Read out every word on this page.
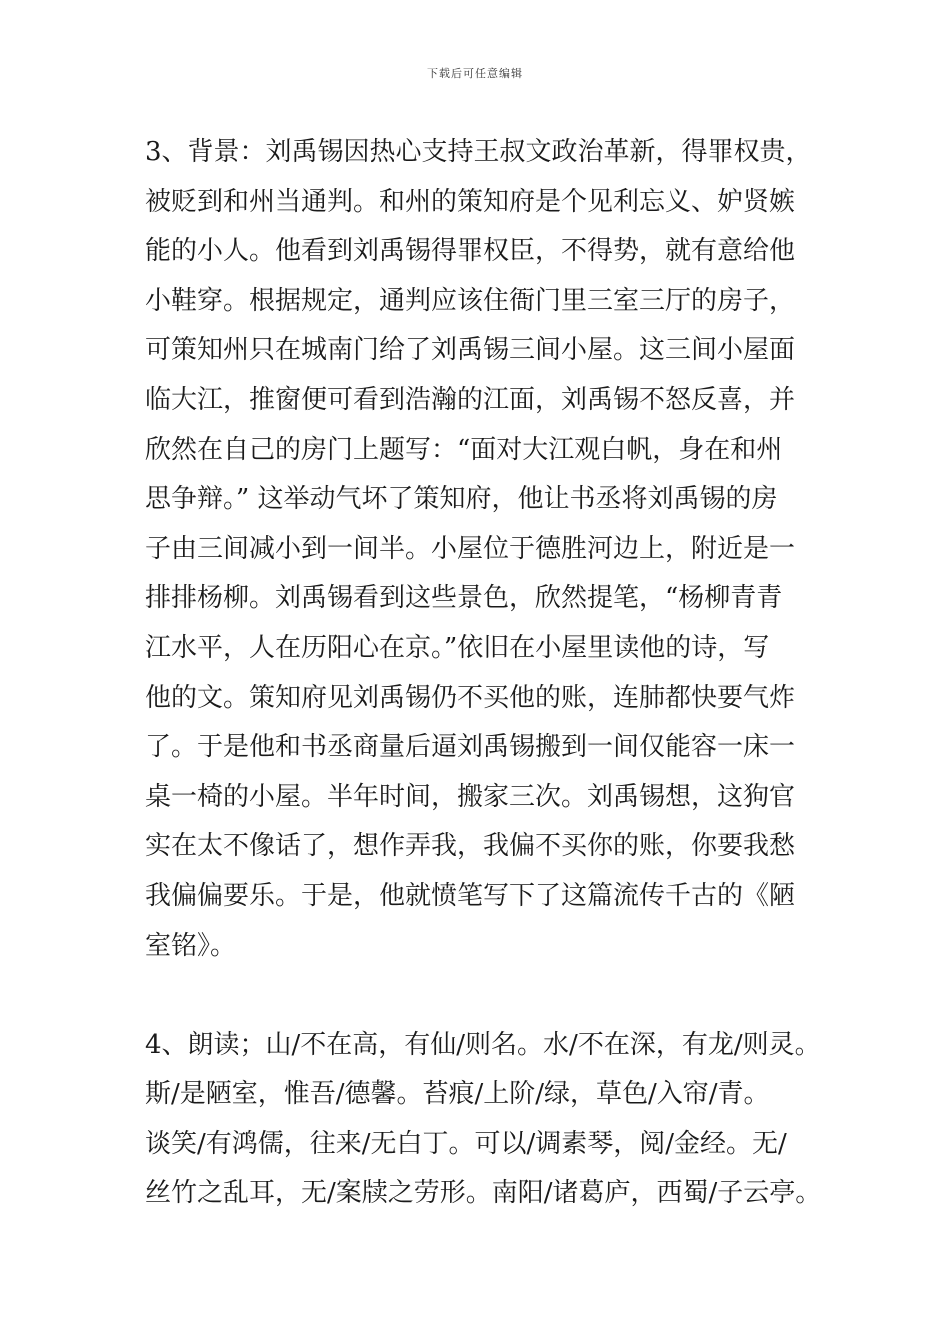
下载后可任意编辑
3、背景：刘禹锡因热心支持王叔文政治革新，得罪权贵，
被贬到和州当通判。和州的策知府是个见利忘义、妒贤嫉
能的小人。他看到刘禹锡得罪权臣，不得势，就有意给他
小鞋穿。根据规定，通判应该住衙门里三室三厅的房子，
可策知州只在城南门给了刘禹锡三间小屋。这三间小屋面
临大江，推窗便可看到浩瀚的江面，刘禹锡不怒反喜，并
欣然在自己的房门上题写：“面对大江观白帆，身在和州
思争辩。” 这举动气坏了策知府，他让书丞将刘禹锡的房
子由三间减小到一间半。小屋位于德胜河边上，附近是一
排排杨柳。刘禹锡看到这些景色，欣然提笔，“杨柳青青
江水平，人在历阳心在京。”依旧在小屋里读他的诗，写
他的文。策知府见刘禹锡仍不买他的账，连肺都快要气炸
了。于是他和书丞商量后逼刘禹锡搬到一间仅能容一床一
桌一椅的小屋。半年时间，搬家三次。刘禹锡想，这狗官
实在太不像话了，想作弄我，我偏不买你的账，你要我愁
我偏偏要乐。于是，他就愤笔写下了这篇流传千古的《陋
室铭》。
4、朗读；山/不在高，有仙/则名。水/不在深，有龙/则灵。
斯/是陋室，惟吾/德馨。苔痕/上阶/绿，草色/入帘/青。
谈笑/有鸿儒，往来/无白丁。可以/调素琴，阅/金经。无/
丝竹之乱耳，无/案牍之劳形。南阳/诸葛庐，西蜀/子云亭。
